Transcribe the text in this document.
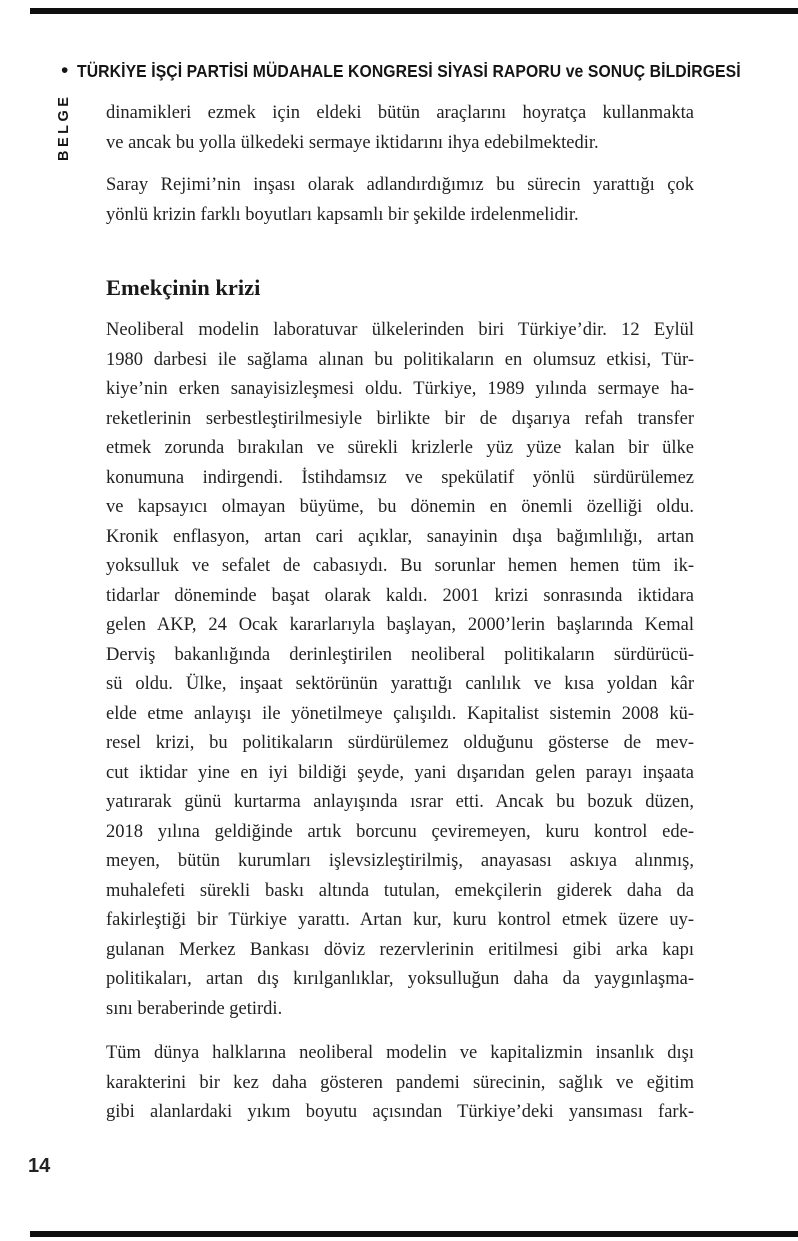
• TÜRKİYE İŞÇİ PARTİSİ MÜDAHALE KONGRESİ SİYASİ RAPORU ve SONUÇ BİLDİRGESİ
BELGE dinamikleri ezmek için eldeki bütün araçlarını hoyratça kullanmakta
ve ancak bu yolla ülkedeki sermaye iktidarını ihya edebilmektedir.
Saray Rejimi’nin inşası olarak adlandırdığımız bu sürecin yarattığı çok
yönlü krizin farklı boyutları kapsamlı bir şekilde irdelenmelidir.
Emekçinin krizi
Neoliberal modelin laboratuvar ülkelerinden biri Türkiye’dir. 12 Eylül
1980 darbesi ile sağlama alınan bu politikaların en olumsuz etkisi, Tür-
kiye’nin erken sanayisizleşmesi oldu. Türkiye, 1989 yılında sermaye ha-
reketlerinin serbestleştirilmesiyle birlikte bir de dışarıya refah transfer
etmek zorunda bırakılan ve sürekli krizlerle yüz yüze kalan bir ülke
konumuna indirgendi. İstihdamsız ve spekülatif yönlü sürdürülemez
ve kapsayıcı olmayan büyüme, bu dönemin en önemli özelliği oldu.
Kronik enflasyon, artan cari açıklar, sanayinin dışa bağımlılığı, artan
yoksulluk ve sefalet de cabasıydı. Bu sorunlar hemen hemen tüm ik-
tidarlar döneminde başat olarak kaldı. 2001 krizi sonrasında iktidara
gelen AKP, 24 Ocak kararlarıyla başlayan, 2000’lerin başlarında Kemal
Derviş bakanlığında derinleştirilen neoliberal politikaların sürdürücü-
sü oldu. Ülke, inşaat sektörünün yarattığı canlılık ve kısa yoldan kâr
elde etme anlayışı ile yönetilmeye çalışıldı. Kapitalist sistemin 2008 kü-
resel krizi, bu politikaların sürdürülemez olduğunu gösterse de mev-
cut iktidar yine en iyi bildiği şeyde, yani dışarıdan gelen parayı inşaata
yatırarak günü kurtarma anlayışında ısrar etti. Ancak bu bozuk düzen,
2018 yılına geldiğinde artık borcunu çeviremeyen, kuru kontrol ede-
meyen, bütün kurumları işlevsizleştirilmiş, anayasası askıya alınmış,
muhalefeti sürekli baskı altında tutulan, emekçilerin giderek daha da
fakirleştiği bir Türkiye yarattı. Artan kur, kuru kontrol etmek üzere uy-
gulanan Merkez Bankası döviz rezervlerinin eritilmesi gibi arka kapı
politikaları, artan dış kırılganlıklar, yoksulluğun daha da yaygınlaşma-
sını beraberinde getirdi.
Tüm dünya halklarına neoliberal modelin ve kapitalizmin insanlık dışı
karakterini bir kez daha gösteren pandemi sürecinin, sağlık ve eğitim
gibi alanlardaki yıkım boyutu açısından Türkiye’deki yansıması fark-
14
